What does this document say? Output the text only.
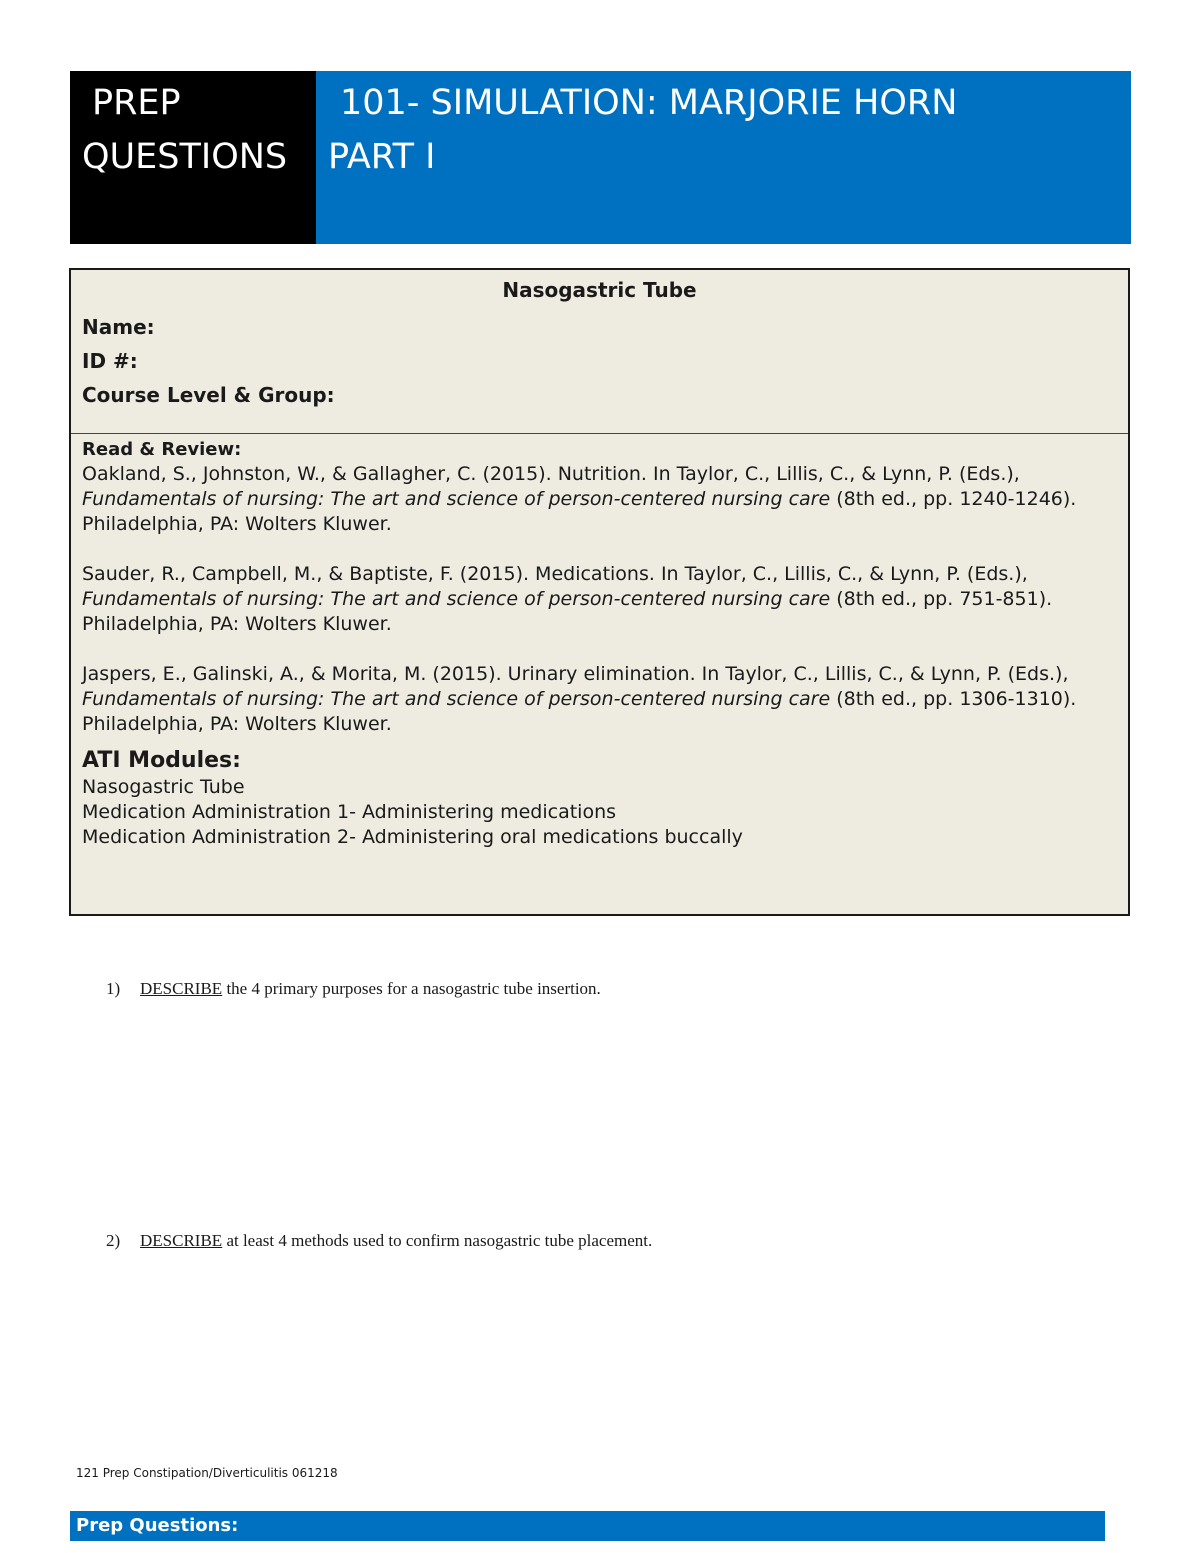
PREP
QUESTIONS
101- SIMULATION: MARJORIE HORN
PART I
Nasogastric Tube
Name:
ID #:
Course Level & Group:
Read & Review:

Oakland, S., Johnston, W., & Gallagher, C. (2015). Nutrition. In Taylor, C., Lillis, C., & Lynn, P. (Eds.), Fundamentals of nursing: The art and science of person-centered nursing care (8th ed., pp. 1240-1246). Philadelphia, PA: Wolters Kluwer.

Sauder, R., Campbell, M., & Baptiste, F. (2015). Medications. In Taylor, C., Lillis, C., & Lynn, P. (Eds.), Fundamentals of nursing: The art and science of person-centered nursing care (8th ed., pp. 751-851). Philadelphia, PA: Wolters Kluwer.

Jaspers, E., Galinski, A., & Morita, M. (2015). Urinary elimination. In Taylor, C., Lillis, C., & Lynn, P. (Eds.), Fundamentals of nursing: The art and science of person-centered nursing care (8th ed., pp. 1306-1310). Philadelphia, PA: Wolters Kluwer.

ATI Modules:
Nasogastric Tube
Medication Administration 1- Administering medications
Medication Administration 2- Administering oral medications buccally
1) DESCRIBE the 4 primary purposes for a nasogastric tube insertion.
2) DESCRIBE at least 4 methods used to confirm nasogastric tube placement.
121 Prep Constipation/Diverticulitis 061218
Prep Questions:
